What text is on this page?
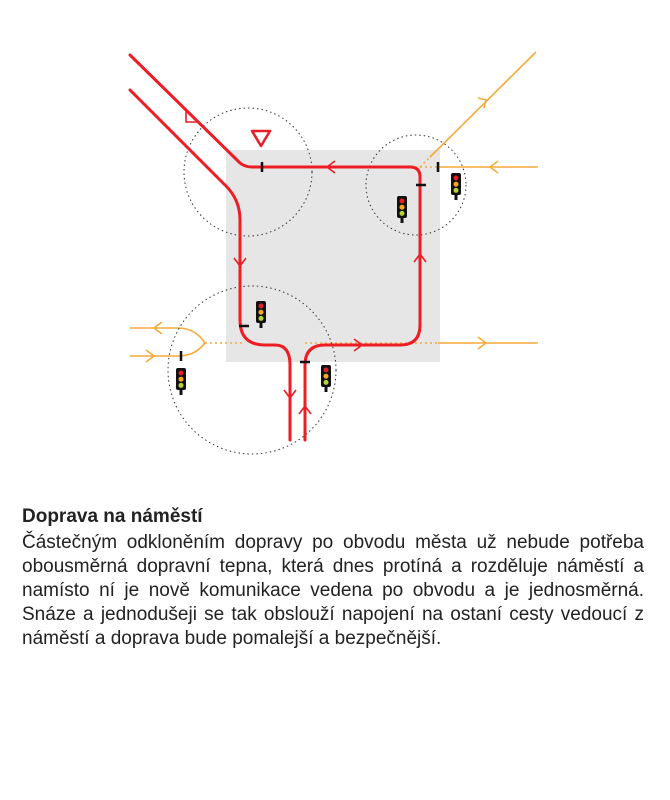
Doprava na náměstí

Částečným odkloněním dopravy po obvodu města už nebude potřeba obousměrná dopravní tepna, která dnes protíná a rozděluje náměstí a namísto ní je nově komunikace vedena po obvodu a je jednosměrná. Snáze a jednodušeji se tak obslouží napojení na ostaní cesty vedoucí z náměstí a doprava bude pomalejší a bezpečnější.
